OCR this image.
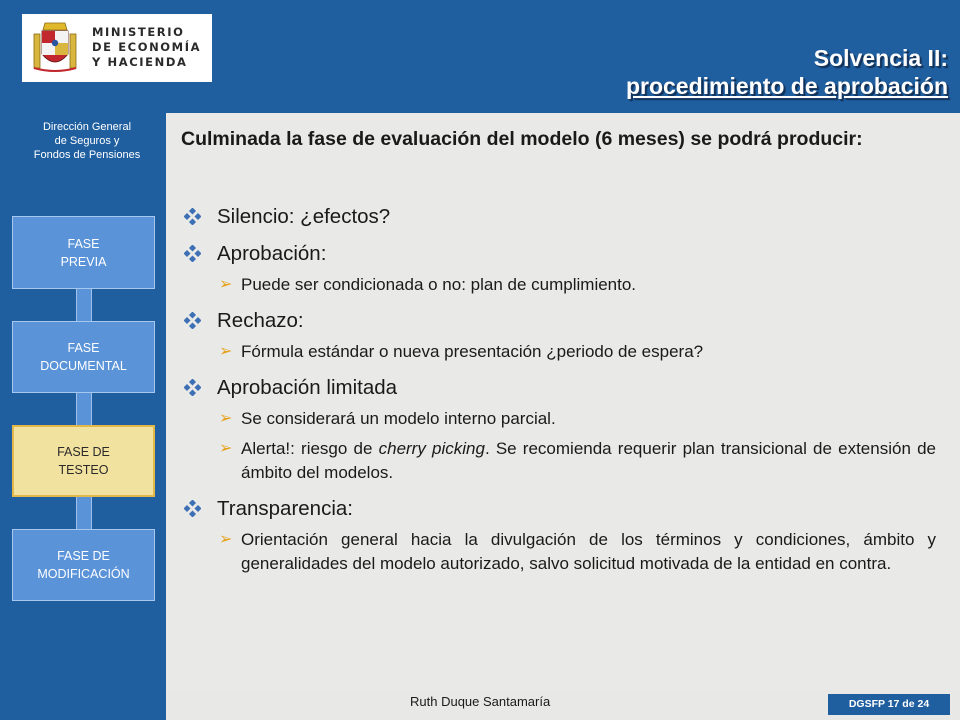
MINISTERIO
DE ECONOMÍA
Y HACIENDA	Solvencia II:
procedimiento de aprobación
Dirección General
de Seguros y
Fondos de Pensiones
FASE
PREVIA
FASE
DOCUMENTAL
FASE DE
TESTEO
FASE DE
MODIFICACIÓN
Culminada la fase de evaluación del modelo (6 meses) se podrá producir:
Silencio: ¿efectos?
Aprobación:
➢ Puede ser condicionada o no: plan de cumplimiento.
Rechazo:
➢ Fórmula estándar o nueva presentación ¿periodo de espera?
Aprobación limitada
➢ Se considerará un modelo interno parcial.
➢ Alerta!: riesgo de cherry picking. Se recomienda requerir plan transicional de extensión de ámbito del modelos.
Transparencia:
➢ Orientación general hacia la divulgación de los términos y condiciones, ámbito y generalidades del modelo autorizado, salvo solicitud motivada de la entidad en contra.
Ruth Duque Santamaría	DGSFP 17 de 24
